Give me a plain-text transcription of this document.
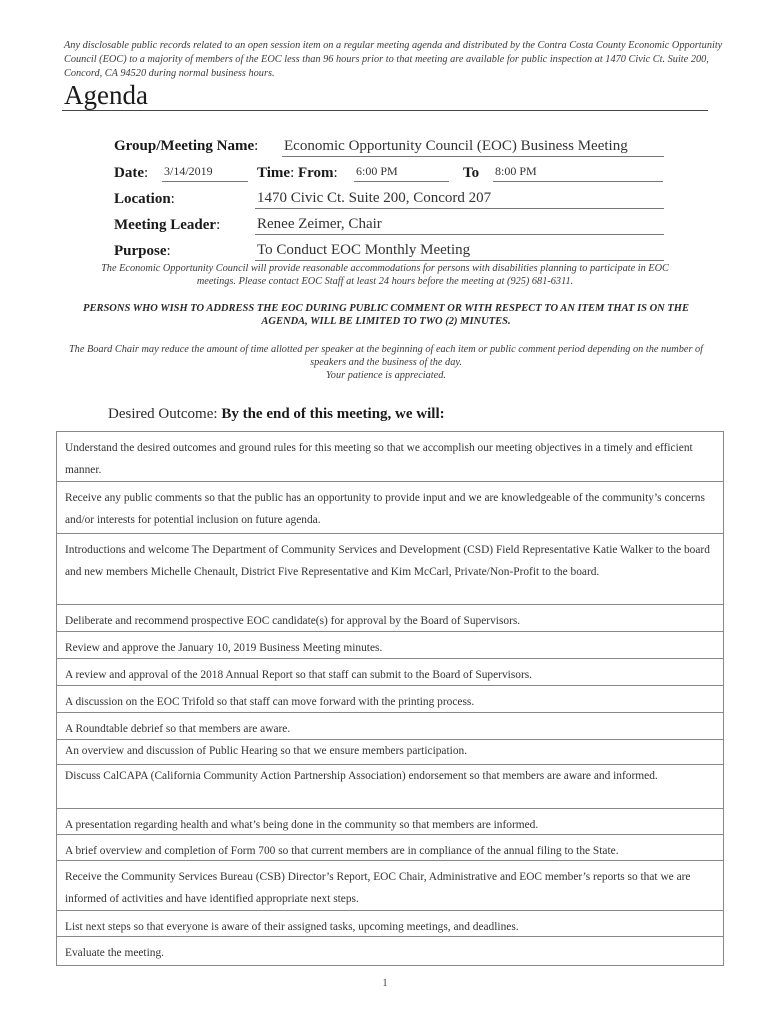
Any disclosable public records related to an open session item on a regular meeting agenda and distributed by the Contra Costa County Economic Opportunity Council (EOC) to a majority of members of the EOC less than 96 hours prior to that meeting are available for public inspection at 1470 Civic Ct. Suite 200, Concord, CA 94520 during normal business hours.
Agenda
Group/Meeting Name: Economic Opportunity Council (EOC) Business Meeting
Date: 3/14/2019	Time: From: 6:00 PM	To 8:00 PM
Location:	1470 Civic Ct. Suite 200, Concord 207
Meeting Leader: Renee Zeimer, Chair
Purpose:	To Conduct EOC Monthly Meeting
The Economic Opportunity Council will provide reasonable accommodations for persons with disabilities planning to participate in EOC meetings. Please contact EOC Staff at least 24 hours before the meeting at (925) 681-6311.
PERSONS WHO WISH TO ADDRESS THE EOC DURING PUBLIC COMMENT OR WITH RESPECT TO AN ITEM THAT IS ON THE AGENDA, WILL BE LIMITED TO TWO (2) MINUTES.
The Board Chair may reduce the amount of time allotted per speaker at the beginning of each item or public comment period depending on the number of speakers and the business of the day.
Your patience is appreciated.
Desired Outcome: By the end of this meeting, we will:
Understand the desired outcomes and ground rules for this meeting so that we accomplish our meeting objectives in a timely and efficient manner.
Receive any public comments so that the public has an opportunity to provide input and we are knowledgeable of the community’s concerns and/or interests for potential inclusion on future agenda.
Introductions and welcome The Department of Community Services and Development (CSD) Field Representative Katie Walker to the board and new members Michelle Chenault, District Five Representative and Kim McCarl, Private/Non-Profit to the board.
Deliberate and recommend prospective EOC candidate(s) for approval by the Board of Supervisors.
Review and approve the January 10, 2019 Business Meeting minutes.
A review and approval of the 2018 Annual Report so that staff can submit to the Board of Supervisors.
A discussion on the EOC Trifold so that staff can move forward with the printing process.
A Roundtable debrief so that members are aware.
An overview and discussion of Public Hearing so that we ensure members participation.
Discuss CalCAPA (California Community Action Partnership Association) endorsement so that members are aware and informed.
A presentation regarding health and what’s being done in the community so that members are informed.
A brief overview and completion of Form 700 so that current members are in compliance of the annual filing to the State.
Receive the Community Services Bureau (CSB) Director’s Report, EOC Chair, Administrative and EOC member’s reports so that we are informed of activities and have identified appropriate next steps.
List next steps so that everyone is aware of their assigned tasks, upcoming meetings, and deadlines.
Evaluate the meeting.
1
